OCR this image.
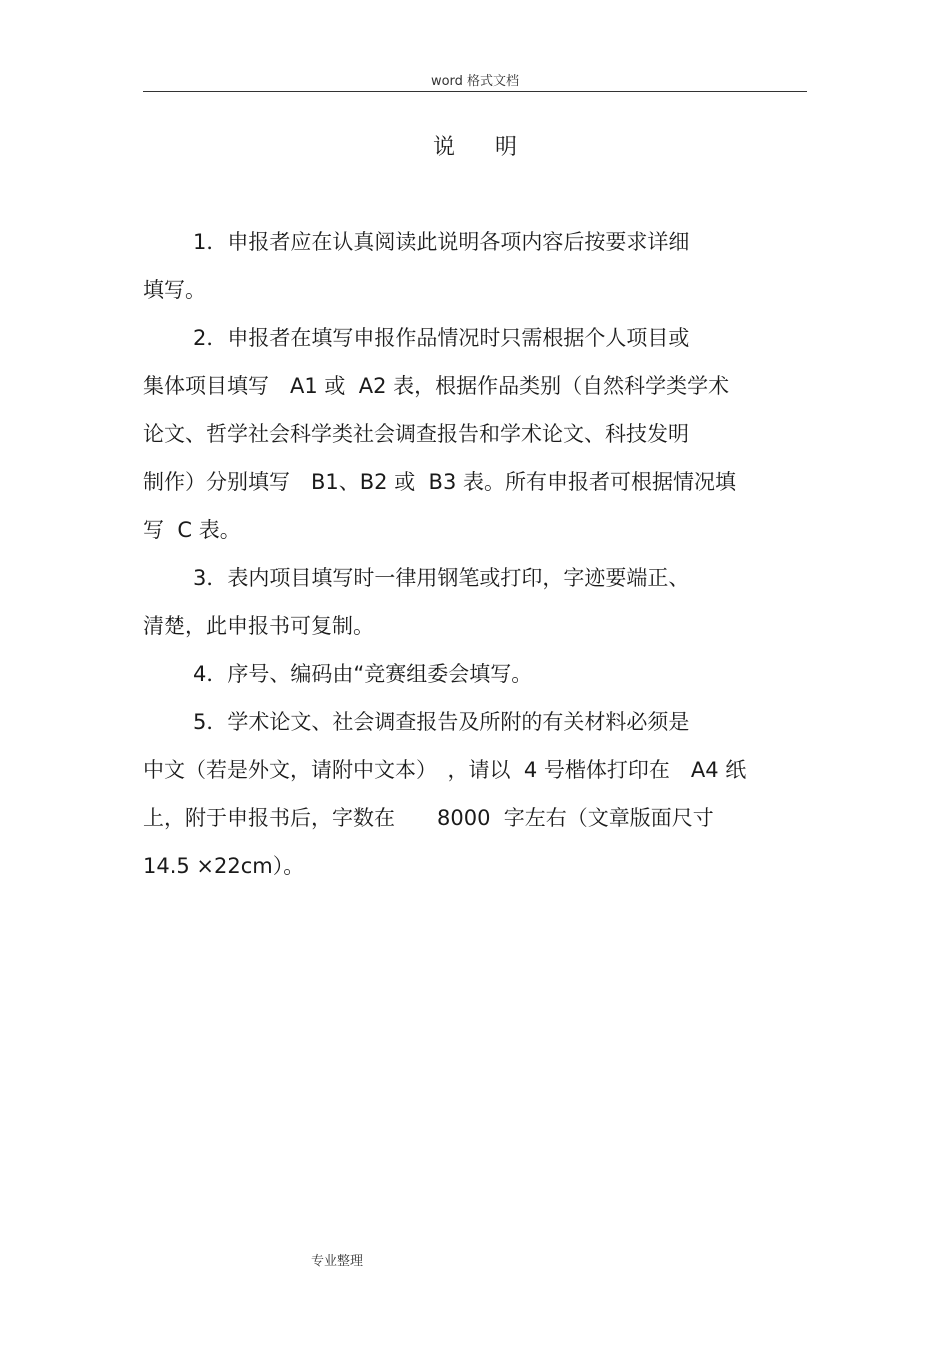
word 格式文档
说明
1．申报者应在认真阅读此说明各项内容后按要求详细
填写。
2．申报者在填写申报作品情况时只需根据个人项目或
集体项目填写　A1 或  A2 表，根据作品类别（自然科学类学术
论文、哲学社会科学类社会调查报告和学术论文、科技发明
制作）分别填写　B1、B2 或  B3 表。所有申报者可根据情况填
写  C 表。
3．表内项目填写时一律用钢笔或打印，字迹要端正、
清楚，此申报书可复制。
4．序号、编码由“竞赛组委会填写。
5．学术论文、社会调查报告及所附的有关材料必须是
中文（若是外文，请附中文本）　，请以  4 号楷体打印在　A4 纸
上，附于申报书后，字数在　　8000  字左右（文章版面尺寸
14.5 ×22cm）。
专业整理
